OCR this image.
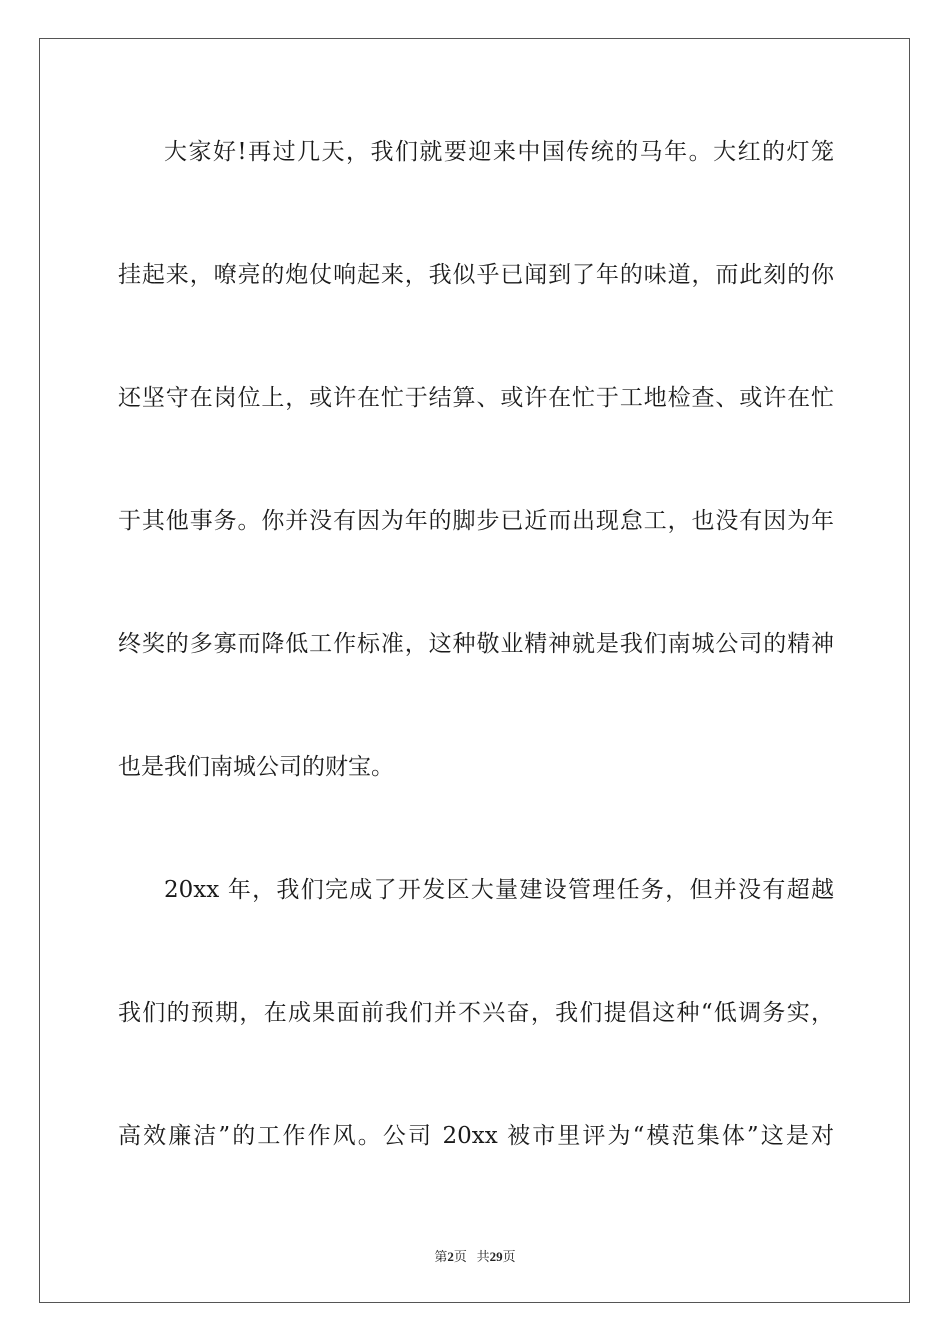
大家好!再过几天，我们就要迎来中国传统的马年。大红的灯笼
挂起来，嘹亮的炮仗响起来，我似乎已闻到了年的味道，而此刻的你
还坚守在岗位上，或许在忙于结算、或许在忙于工地检查、或许在忙
于其他事务。你并没有因为年的脚步已近而出现怠工，也没有因为年
终奖的多寡而降低工作标准，这种敬业精神就是我们南城公司的精神
也是我们南城公司的财宝。
20xx 年，我们完成了开发区大量建设管理任务，但并没有超越
我们的预期，在成果面前我们并不兴奋，我们提倡这种“低调务实，
高效廉洁”的工作作风。公司 20xx 被市里评为“模范集体”这是对
第2页 共29页
